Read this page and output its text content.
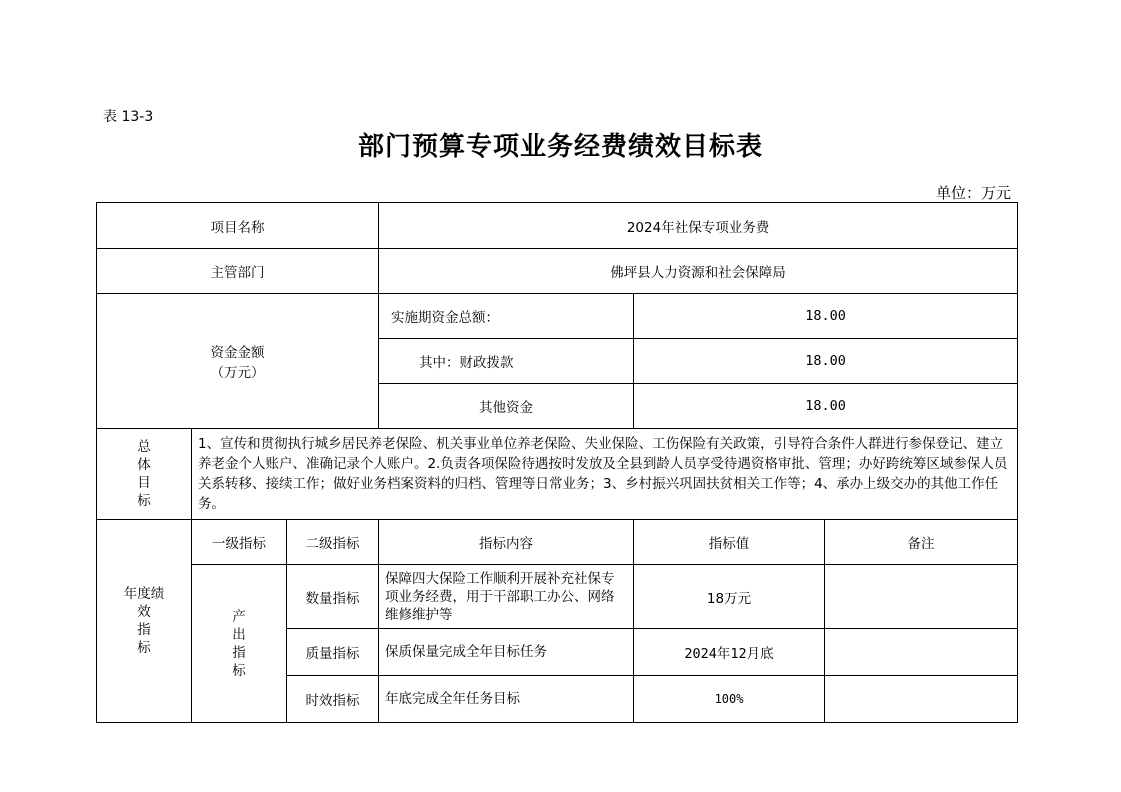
表 13-3
部门预算专项业务经费绩效目标表
单位：万元
项目名称			2024年社保专项业务费		
主管部门			佛坪县人力资源和社会保障局		

资金金额
（万元）			实施期资金总额：	18.00	
			其中：财政拨款	18.00	
			其他资金	18.00	

总
体
目
标	1、宣传和贯彻执行城乡居民养老保险、机关事业单位养老保险、失业保险、工伤保险有关政策，引导符合条件人群进行参保登记、建立养老金个人账户、准确记录个人账户。2.负责各项保险待遇按时发放及全县到龄人员享受待遇资格审批、管理；办好跨统筹区域参保人员关系转移、接续工作；做好业务档案资料的归档、管理等日常业务；3、乡村振兴巩固扶贫相关工作等；4、承办上级交办的其他工作任务。				

年度绩
效
指
标	一级指标	二级指标	指标内容	指标值	备注

	产
出
指
标	数量指标	保障四大保险工作顺利开展补充社保专项业务经费，用于干部职工办公、网络维修维护等	18万元	
		质量指标	保质保量完成全年目标任务	2024年12月底	
		时效指标	年底完成全年任务目标	100%	
